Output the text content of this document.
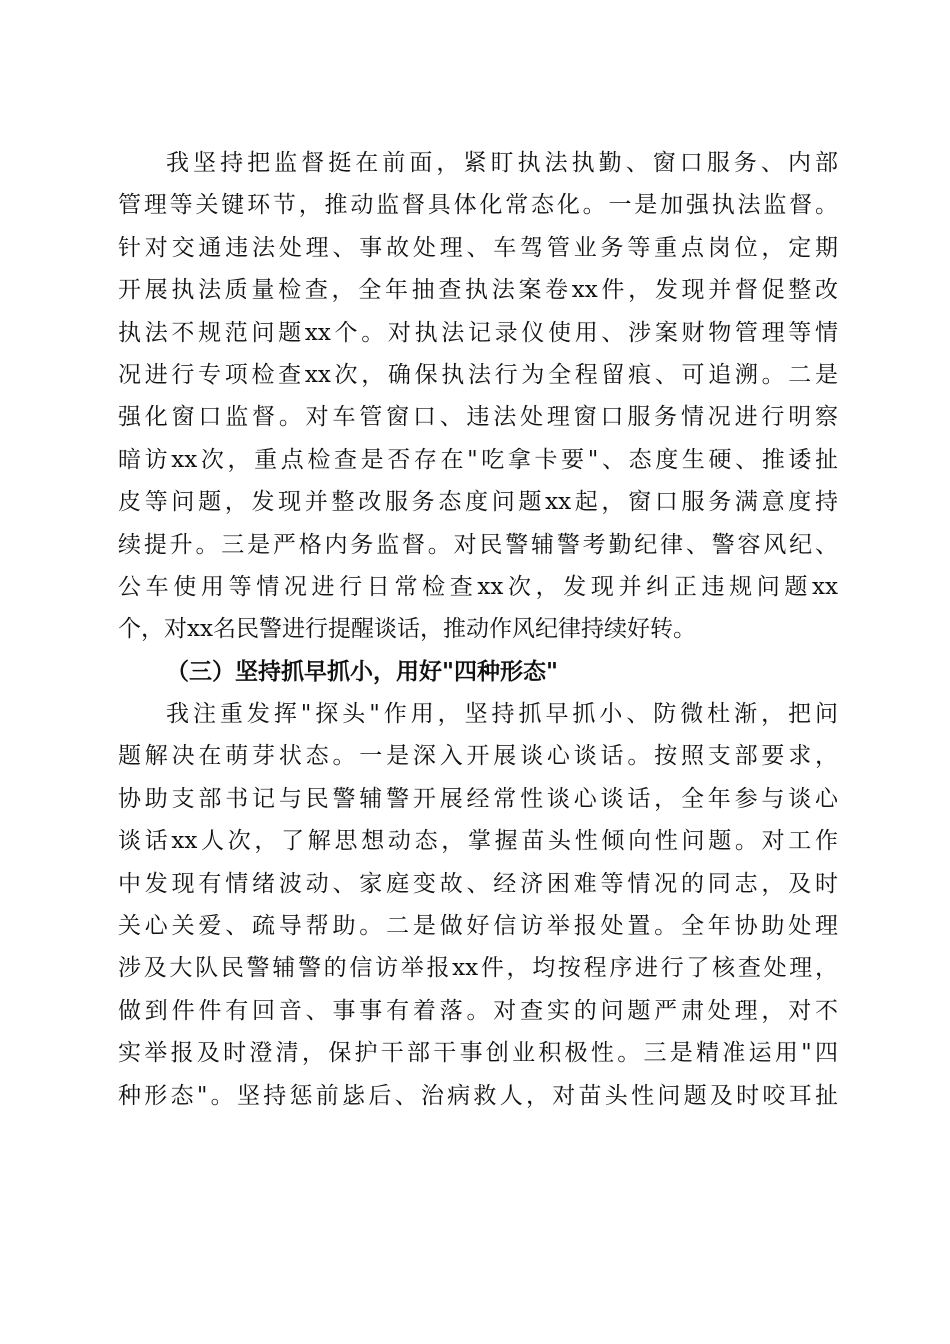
我坚持把监督挺在前面，紧盯执法执勤、窗口服务、内部
管理等关键环节，推动监督具体化常态化。一是加强执法监督。
针对交通违法处理、事故处理、车驾管业务等重点岗位，定期
开展执法质量检查，全年抽查执法案卷xx件，发现并督促整改
执法不规范问题xx个。对执法记录仪使用、涉案财物管理等情
况进行专项检查xx次，确保执法行为全程留痕、可追溯。二是
强化窗口监督。对车管窗口、违法处理窗口服务情况进行明察
暗访xx次，重点检查是否存在"吃拿卡要"、态度生硬、推诿扯
皮等问题，发现并整改服务态度问题xx起，窗口服务满意度持
续提升。三是严格内务监督。对民警辅警考勤纪律、警容风纪、
公车使用等情况进行日常检查xx次，发现并纠正违规问题xx
个，对xx名民警进行提醒谈话，推动作风纪律持续好转。
（三）坚持抓早抓小，用好"四种形态"
我注重发挥"探头"作用，坚持抓早抓小、防微杜渐，把问
题解决在萌芽状态。一是深入开展谈心谈话。按照支部要求，
协助支部书记与民警辅警开展经常性谈心谈话，全年参与谈心
谈话xx人次，了解思想动态，掌握苗头性倾向性问题。对工作
中发现有情绪波动、家庭变故、经济困难等情况的同志，及时
关心关爱、疏导帮助。二是做好信访举报处置。全年协助处理
涉及大队民警辅警的信访举报xx件，均按程序进行了核查处理，
做到件件有回音、事事有着落。对查实的问题严肃处理，对不
实举报及时澄清，保护干部干事创业积极性。三是精准运用"四
种形态"。坚持惩前毖后、治病救人，对苗头性问题及时咬耳扯
